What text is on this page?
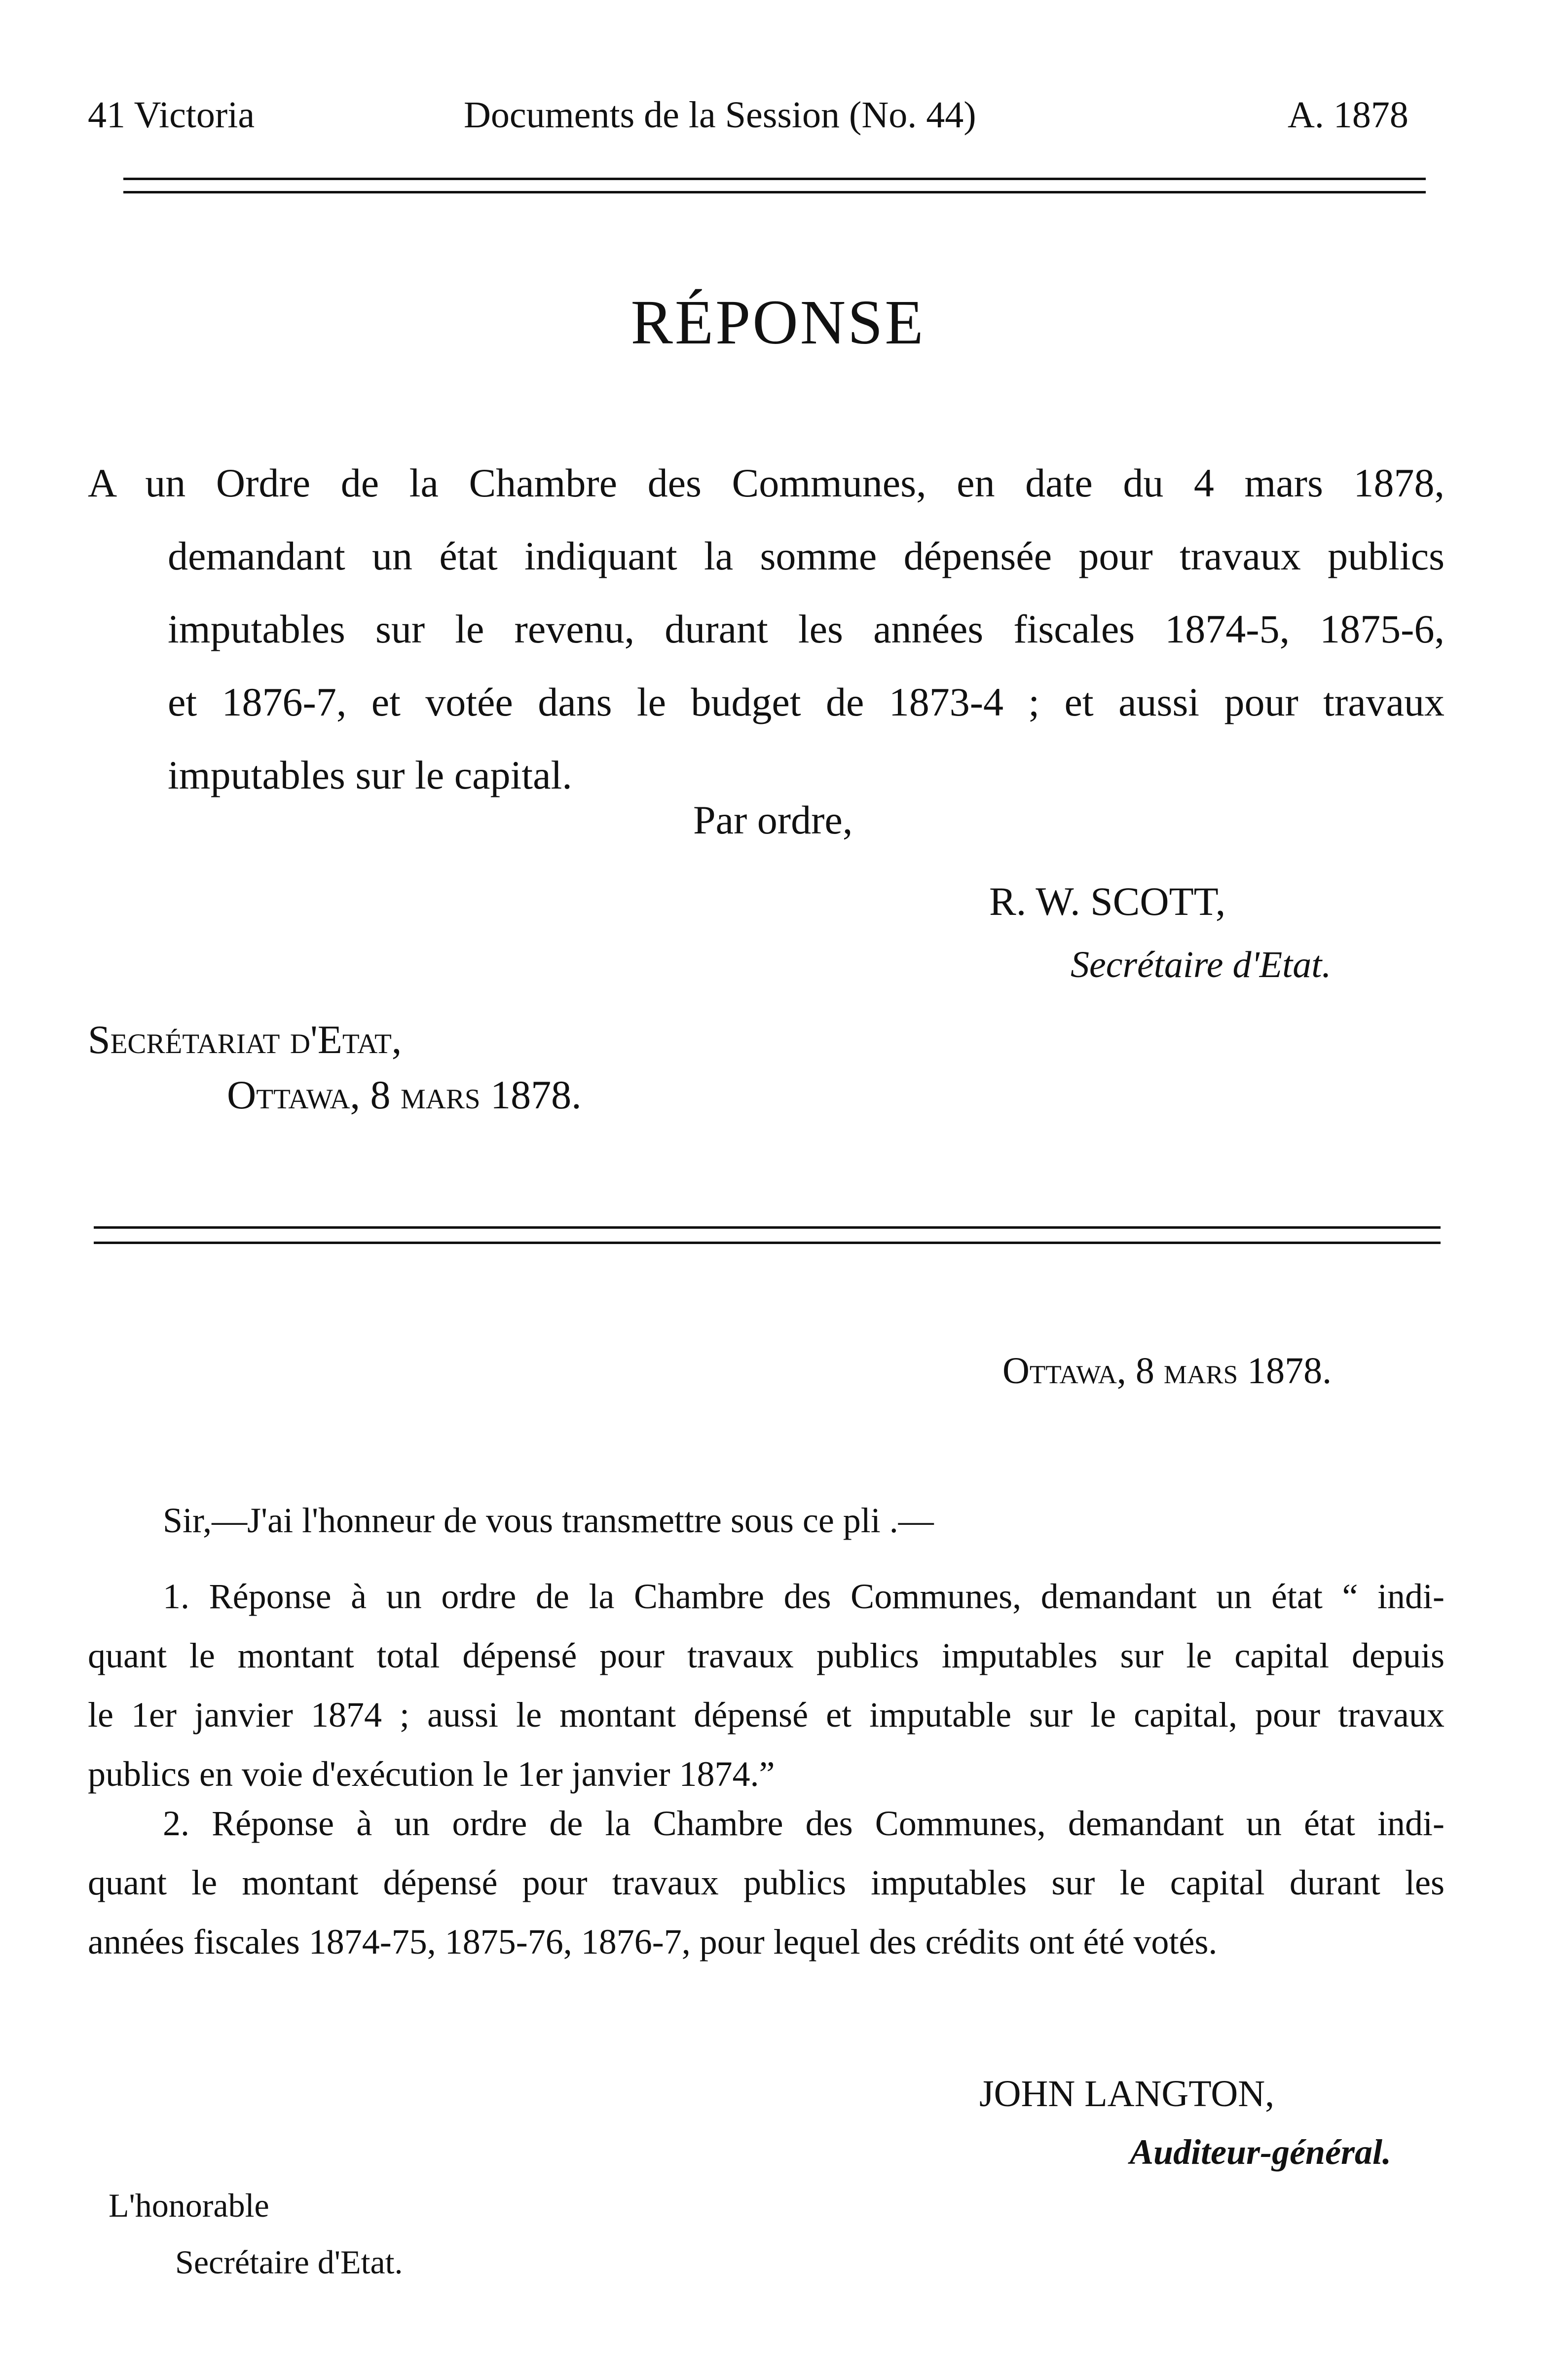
41 Victoria	Documents de la Session (No. 44)	A. 1878
RÉPONSE
A un Ordre de la Chambre des Communes, en date du 4 mars 1878,
demandant un état indiquant la somme dépensée pour travaux publics
imputables sur le revenu, durant les années fiscales 1874-5, 1875-6,
et 1876-7, et votée dans le budget de 1873-4 ; et aussi pour travaux
imputables sur le capital.
Par ordre,
R. W. SCOTT,
Secrétaire d'Etat.
Secrétariat d'Etat,
Ottawa, 8 mars 1878.
Ottawa, 8 mars 1878.
Sir,—J'ai l'honneur de vous transmettre sous ce pli .—
1. Réponse à un ordre de la Chambre des Communes, demandant un état “ indi-
quant le montant total dépensé pour travaux publics imputables sur le capital depuis
le 1er janvier 1874 ; aussi le montant dépensé et imputable sur le capital, pour travaux
publics en voie d'exécution le 1er janvier 1874.”
2. Réponse à un ordre de la Chambre des Communes, demandant un état indi-
quant le montant dépensé pour travaux publics imputables sur le capital durant les
années fiscales 1874-75, 1875-76, 1876-7, pour lequel des crédits ont été votés.
JOHN LANGTON,
Auditeur-général.
L'honorable
Secrétaire d'Etat.
